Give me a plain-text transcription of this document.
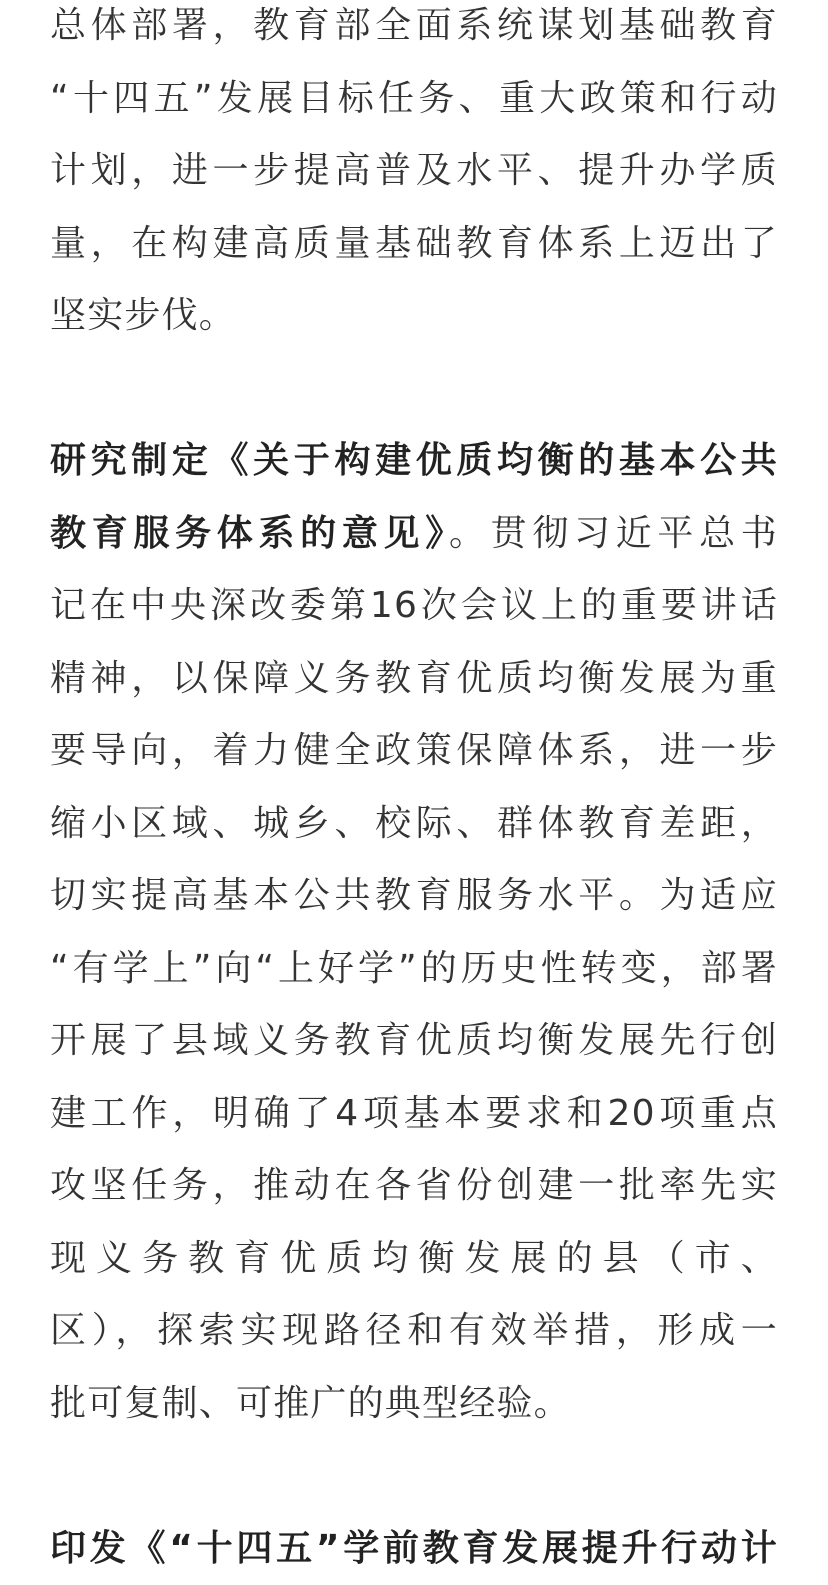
总体部署，教育部全面系统谋划基础教育
“十四五”发展目标任务、重大政策和行动
计划，进一步提高普及水平、提升办学质
量，在构建高质量基础教育体系上迈出了
坚实步伐。
研究制定《关于构建优质均衡的基本公共
教育服务体系的意见》。贯彻习近平总书
记在中央深改委第16次会议上的重要讲话
精神，以保障义务教育优质均衡发展为重
要导向，着力健全政策保障体系，进一步
缩小区域、城乡、校际、群体教育差距，
切实提高基本公共教育服务水平。为适应
“有学上”向“上好学”的历史性转变，部署
开展了县域义务教育优质均衡发展先行创
建工作，明确了4项基本要求和20项重点
攻坚任务，推动在各省份创建一批率先实
现义务教育优质均衡发展的县（市、
区），探索实现路径和有效举措，形成一
批可复制、可推广的典型经验。
印发《“十四五”学前教育发展提升行动计
